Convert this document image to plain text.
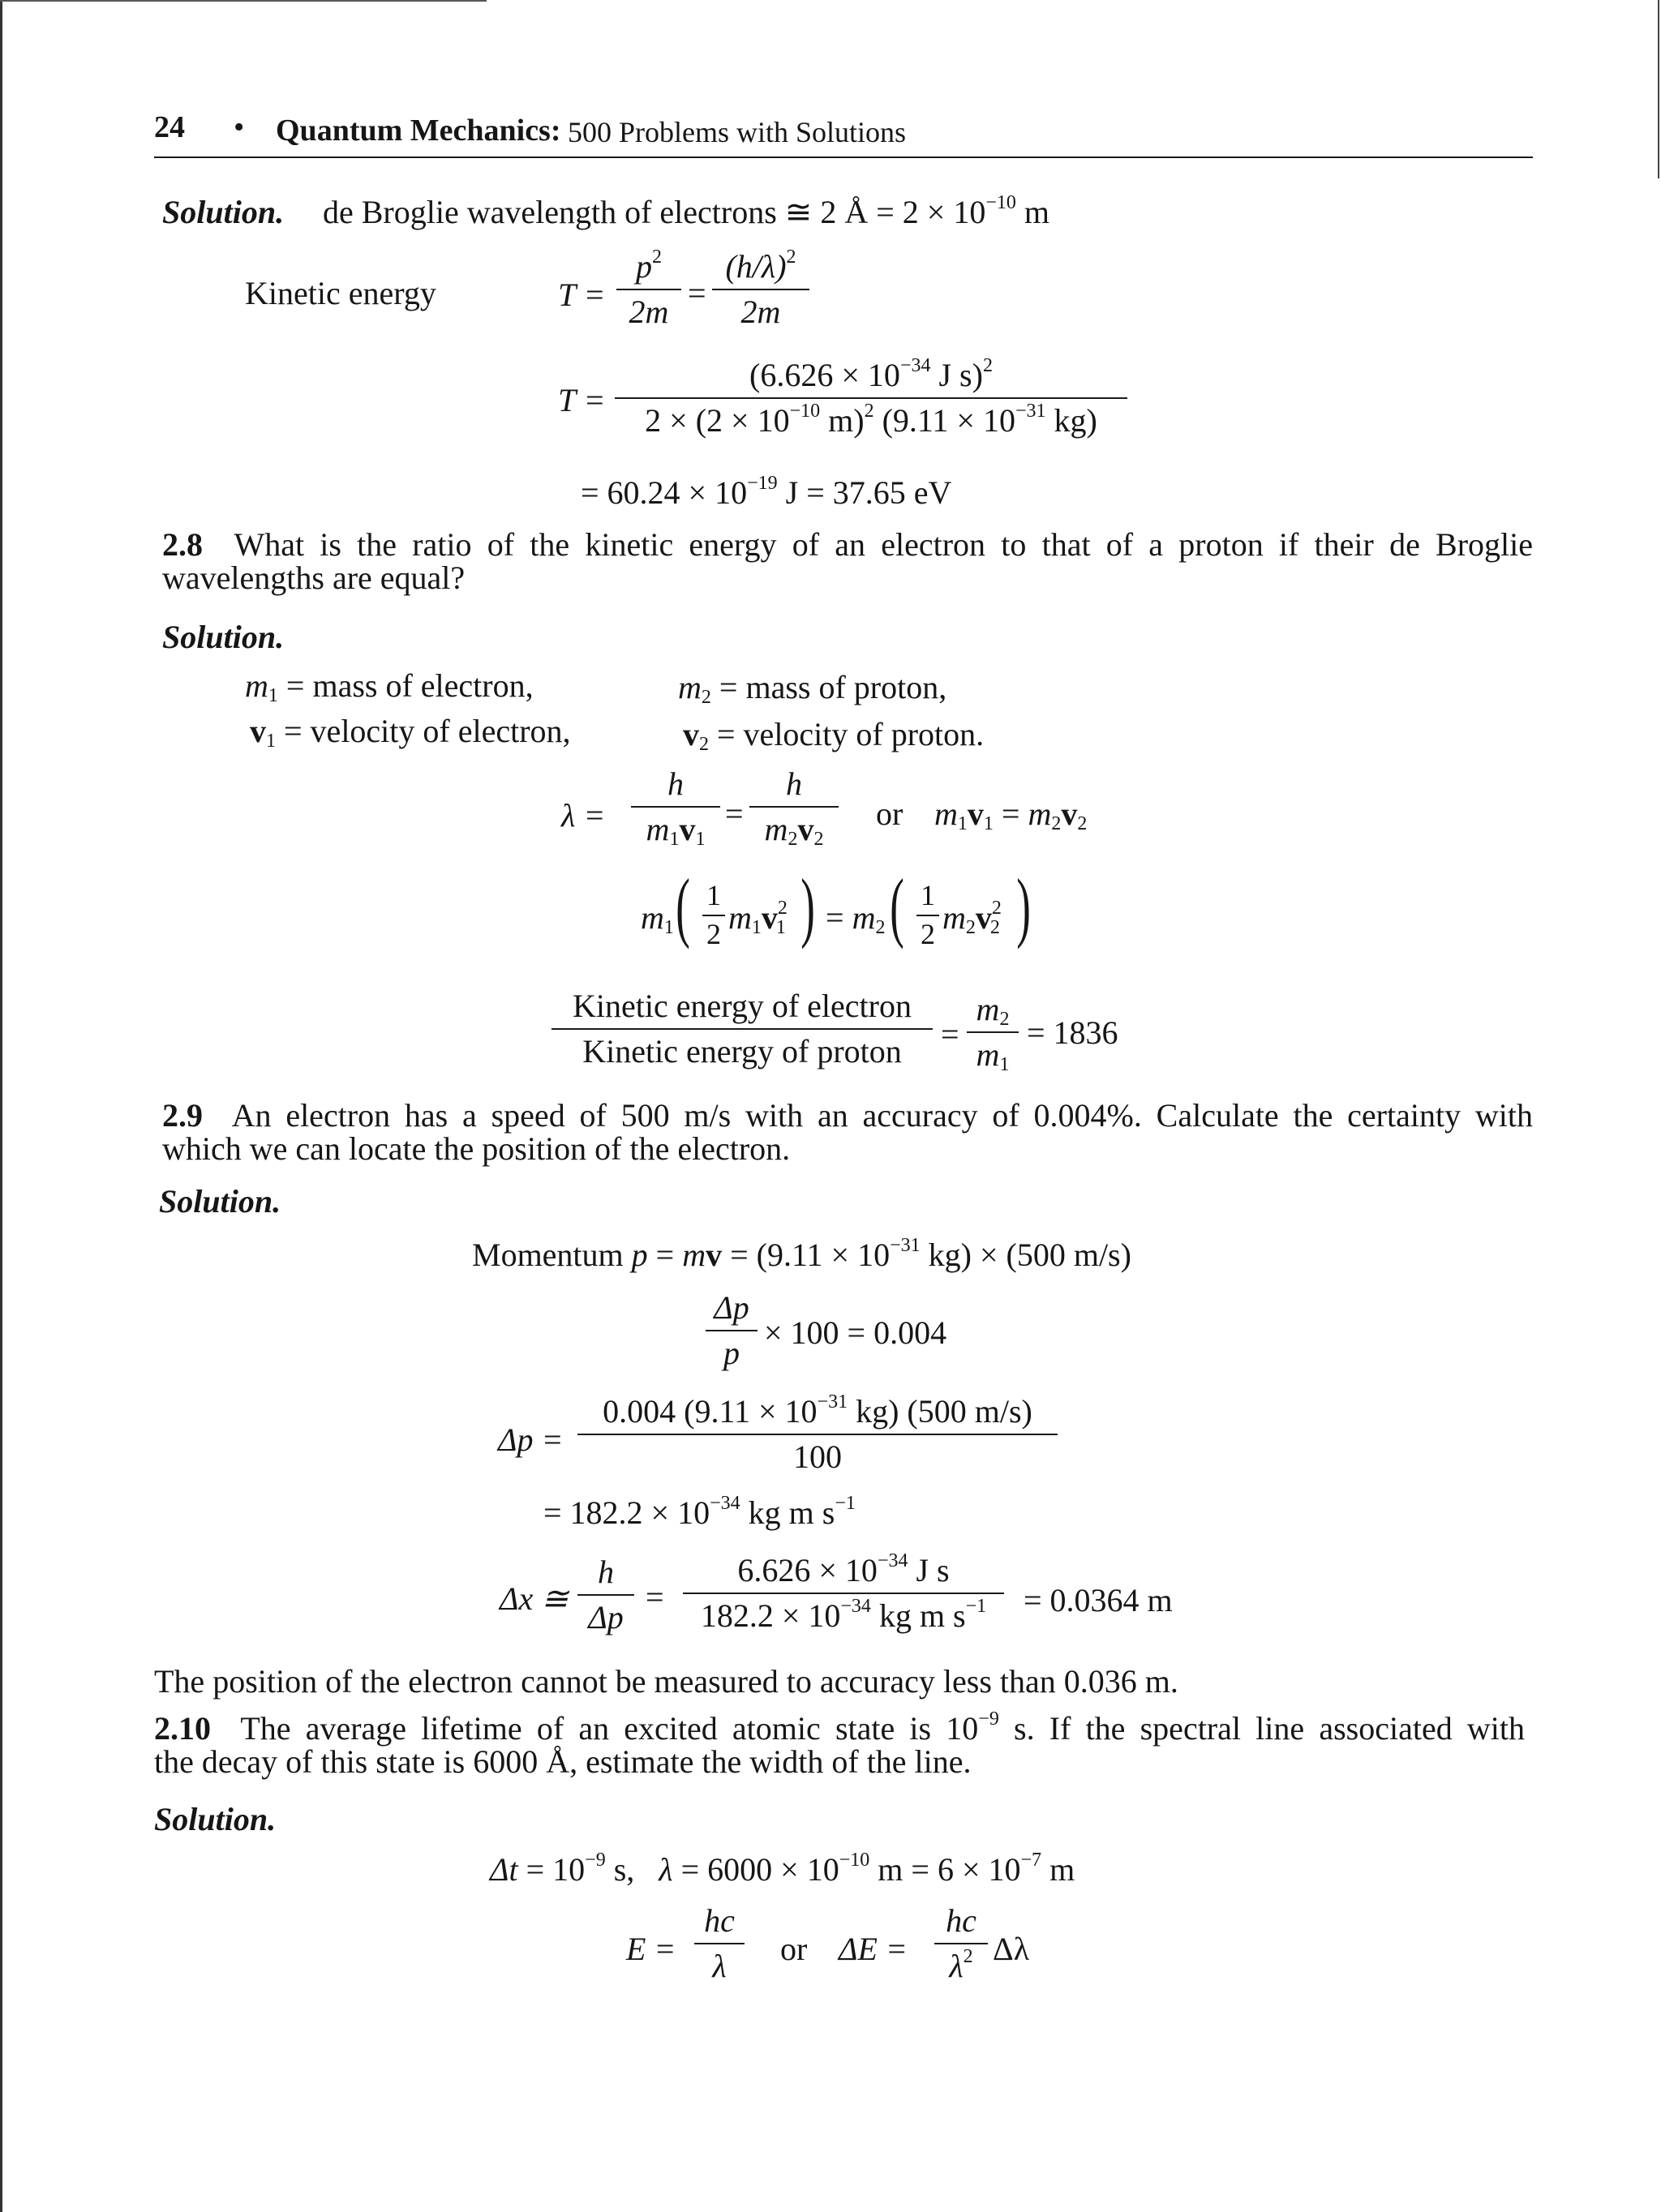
24 • Quantum Mechanics: 500 Problems with Solutions
Solution. de Broglie wavelength of electrons ≅ 2 Å = $2 \times 10^{-10}$ m
Kinetic energy	T =
$p^2$
2m
=
$(h/\lambda)^2$
2m
T =
($6.626 \times 10^{-34}$ J s)$^2$
$2 \times (2 \times 10^{-10}$ m)$^2$ ($9.11 \times 10^{-31}$ kg)
= $60.24 \times 10^{-19}$ J = 37.65 eV
2.8 What is the ratio of the kinetic energy of an electron to that of a proton if their de Broglie
wavelengths are equal?
Solution.
$m_1$ = mass of electron,
$v_1$ = velocity of electron,
$m_2$ = mass of proton,
$v_2$ = velocity of proton.
λ =
h
$m_1v_1$
=
h
$m_2v_2$
or $m_1v_1 = m_2v_2$
$m_1$ ( 1
2 $m_1v^2_1$ ) = $m_2$ ( 1
2 $m_2v^2_2$ )
Kinetic energy of electron
Kinetic energy of proton =
$m_2$
$m_1$
= 1836
2.9 An electron has a speed of 500 m/s with an accuracy of 0.004%. Calculate the certainty with
which we can locate the position of the electron.
Solution.
Momentum p = mv = ($9.11 \times 10^{-31}$ kg) × (500 m/s)
Δp
p
× 100 = 0.004
Δp =
0.004 ($9.11 \times 10^{-31}$ kg) (500 m/s)
100
= $182.2 \times 10^{-34}$ kg m $s^{-1}$
Δx ≅
h
Δp
=
$6.626 \times 10^{-34}$ J s
$182.2 \times 10^{-34}$ kg m $s^{-1} = 0.0364$ m
The position of the electron cannot be measured to accuracy less than 0.036 m.
2.10 The average lifetime of an excited atomic state is $10^{-9}$ s. If the spectral line associated with
the decay of this state is 6000 Å, estimate the width of the line.
Solution.
$\Delta t = 10^{-9}$ s,   $\lambda = 6000 \times 10^{-10}$ $m = 6 \times 10^{-7}$ m
E =
hc
λ or ΔE =
hc
$\lambda^2$ Δλ
